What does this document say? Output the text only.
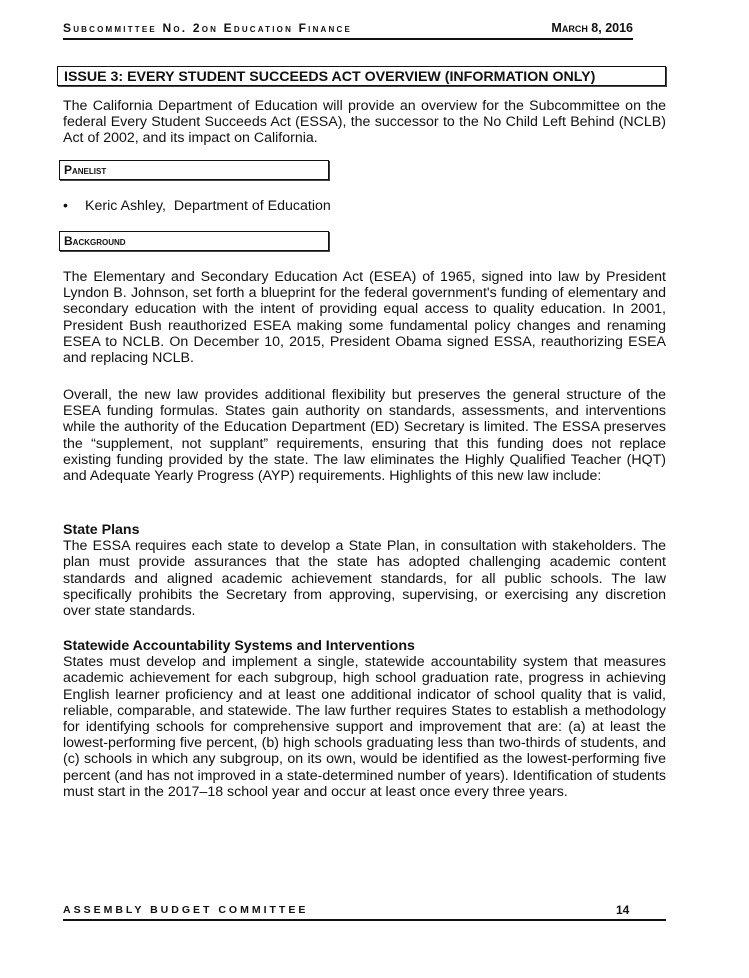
Subcommittee No. 2on Education Finance	March 8, 2016
ISSUE 3: EVERY STUDENT SUCCEEDS ACT OVERVIEW (INFORMATION ONLY)
The California Department of Education will provide an overview for the Subcommittee on the federal Every Student Succeeds Act (ESSA), the successor to the No Child Left Behind (NCLB) Act of 2002, and its impact on California.
Panelist
• Keric Ashley,  Department of Education
Background
The Elementary and Secondary Education Act (ESEA) of 1965, signed into law by President Lyndon B. Johnson, set forth a blueprint for the federal government's funding of elementary and secondary education with the intent of providing equal access to quality education. In 2001, President Bush reauthorized ESEA making some fundamental policy changes and renaming ESEA to NCLB. On December 10, 2015, President Obama signed ESSA, reauthorizing ESEA and replacing NCLB.
Overall, the new law provides additional flexibility but preserves the general structure of the ESEA funding formulas. States gain authority on standards, assessments, and interventions while the authority of the Education Department (ED) Secretary is limited. The ESSA preserves the “supplement, not supplant” requirements, ensuring that this funding does not replace existing funding provided by the state. The law eliminates the Highly Qualified Teacher (HQT) and Adequate Yearly Progress (AYP) requirements. Highlights of this new law include:
State Plans
The ESSA requires each state to develop a State Plan, in consultation with stakeholders. The plan must provide assurances that the state has adopted challenging academic content standards and aligned academic achievement standards, for all public schools. The law specifically prohibits the Secretary from approving, supervising, or exercising any discretion over state standards.
Statewide Accountability Systems and Interventions
States must develop and implement a single, statewide accountability system that measures academic achievement for each subgroup, high school graduation rate, progress in achieving English learner proficiency and at least one additional indicator of school quality that is valid, reliable, comparable, and statewide. The law further requires States to establish a methodology for identifying schools for comprehensive support and improvement that are: (a) at least the lowest-performing five percent, (b) high schools graduating less than two-thirds of students, and (c) schools in which any subgroup, on its own, would be identified as the lowest-performing five percent (and has not improved in a state-determined number of years). Identification of students must start in the 2017–18 school year and occur at least once every three years.
ASSEMBLY BUDGET COMMITTEE	14
